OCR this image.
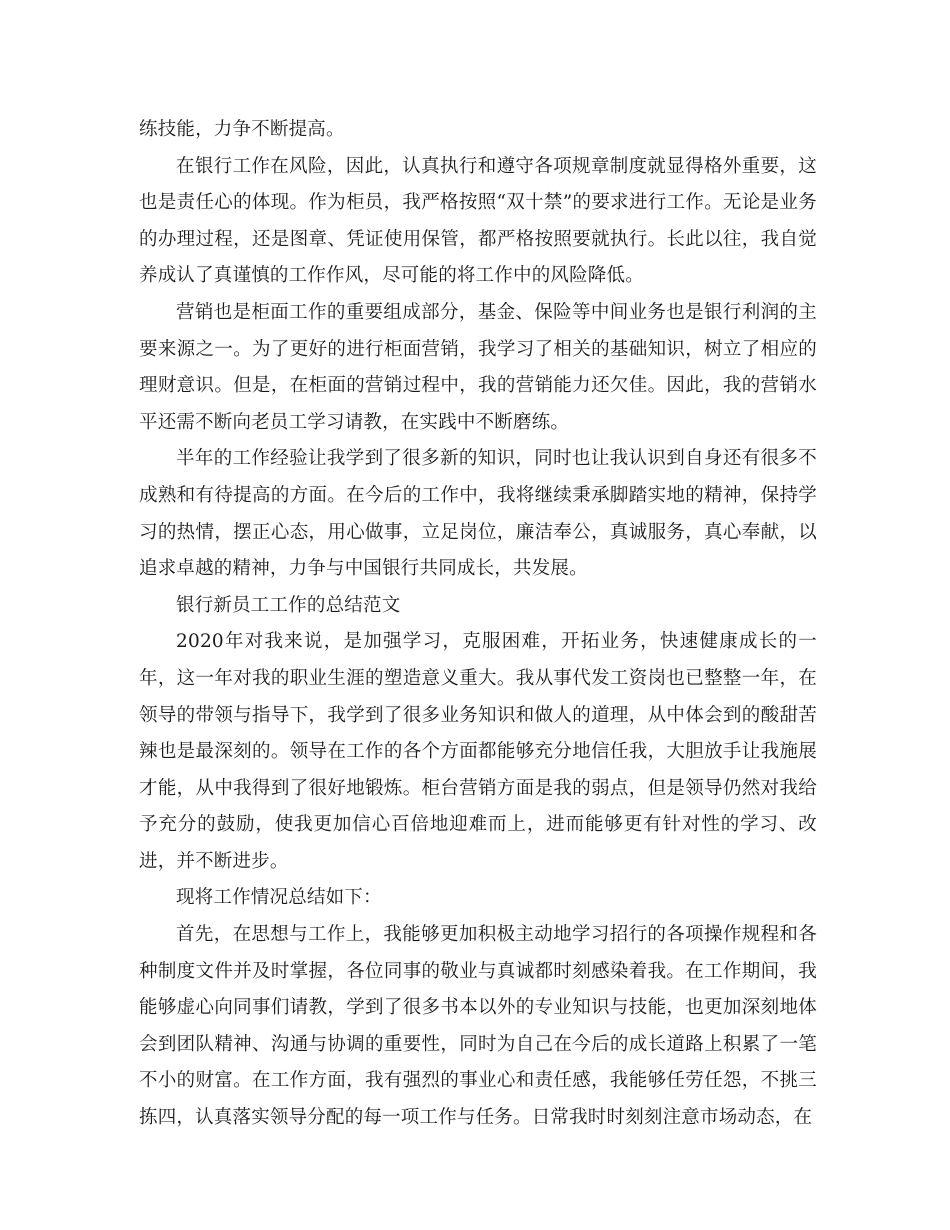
练技能，力争不断提高。

在银行工作在风险，因此，认真执行和遵守各项规章制度就显得格外重要，这也是责任心的体现。作为柜员，我严格按照“双十禁”的要求进行工作。无论是业务的办理过程，还是图章、凭证使用保管，都严格按照要就执行。长此以往，我自觉养成认了真谨慎的工作作风，尽可能的将工作中的风险降低。

营销也是柜面工作的重要组成部分，基金、保险等中间业务也是银行利润的主要来源之一。为了更好的进行柜面营销，我学习了相关的基础知识，树立了相应的理财意识。但是，在柜面的营销过程中，我的营销能力还欠佳。因此，我的营销水平还需不断向老员工学习请教，在实践中不断磨练。

半年的工作经验让我学到了很多新的知识，同时也让我认识到自身还有很多不成熟和有待提高的方面。在今后的工作中，我将继续秉承脚踏实地的精神，保持学习的热情，摆正心态，用心做事，立足岗位，廉洁奉公，真诚服务，真心奉献，以追求卓越的精神，力争与中国银行共同成长，共发展。

银行新员工工作的总结范文

2020年对我来说，是加强学习，克服困难，开拓业务，快速健康成长的一年，这一年对我的职业生涯的塑造意义重大。我从事代发工资岗也已整整一年，在领导的带领与指导下，我学到了很多业务知识和做人的道理，从中体会到的酸甜苦辣也是最深刻的。领导在工作的各个方面都能够充分地信任我，大胆放手让我施展才能，从中我得到了很好地锻炼。柜台营销方面是我的弱点，但是领导仍然对我给予充分的鼓励，使我更加信心百倍地迎难而上，进而能够更有针对性的学习、改进，并不断进步。

现将工作情况总结如下：

首先，在思想与工作上，我能够更加积极主动地学习招行的各项操作规程和各种制度文件并及时掌握，各位同事的敬业与真诚都时刻感染着我。在工作期间，我能够虚心向同事们请教，学到了很多书本以外的专业知识与技能，也更加深刻地体会到团队精神、沟通与协调的重要性，同时为自己在今后的成长道路上积累了一笔不小的财富。在工作方面，我有强烈的事业心和责任感，我能够任劳任怨，不挑三拣四，认真落实领导分配的每一项工作与任务。日常我时时刻刻注意市场动态，在
